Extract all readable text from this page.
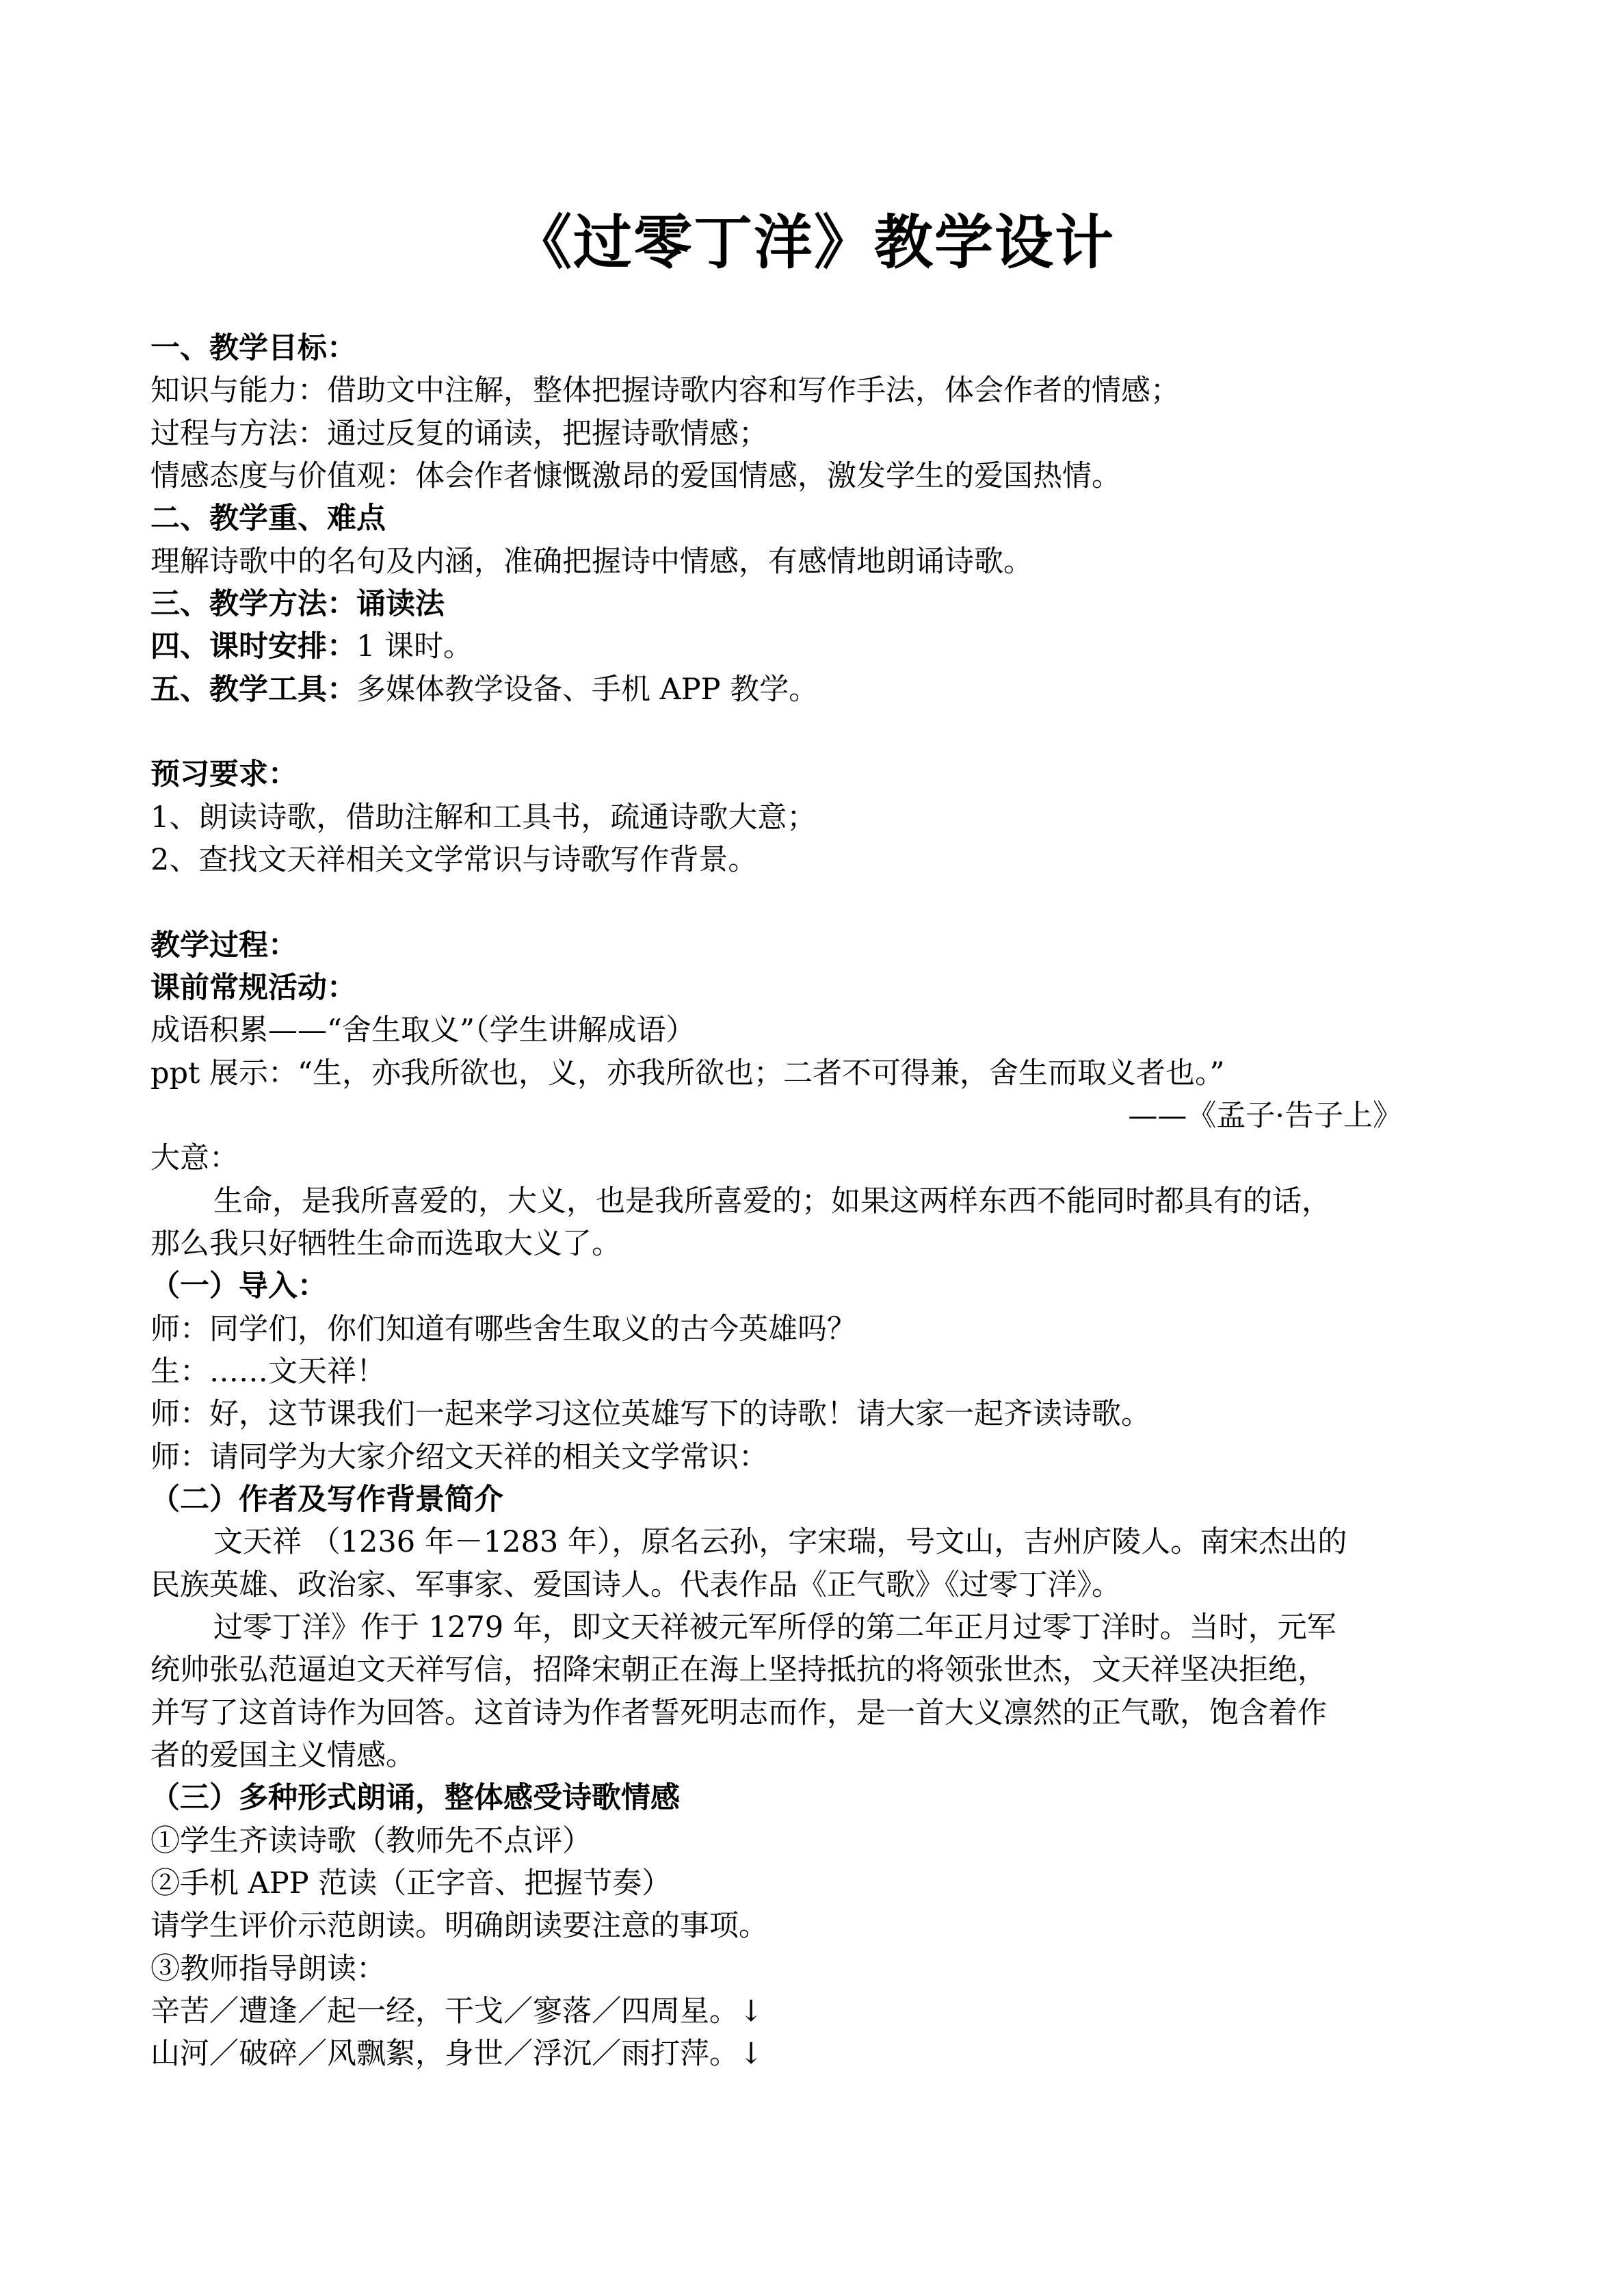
《过零丁洋》教学设计
一、教学目标：
知识与能力：借助文中注解，整体把握诗歌内容和写作手法，体会作者的情感；
过程与方法：通过反复的诵读，把握诗歌情感；
情感态度与价值观：体会作者慷慨激昂的爱国情感，激发学生的爱国热情。
二、教学重、难点
理解诗歌中的名句及内涵，准确把握诗中情感，有感情地朗诵诗歌。
三、教学方法：诵读法
四、课时安排：1 课时。
五、教学工具：多媒体教学设备、手机 APP 教学。
预习要求：
1、朗读诗歌，借助注解和工具书，疏通诗歌大意；
2、查找文天祥相关文学常识与诗歌写作背景。
教学过程：
课前常规活动：
成语积累——“舍生取义”（学生讲解成语）
ppt 展示：“生，亦我所欲也，义，亦我所欲也；二者不可得兼，舍生而取义者也。”
——《孟子·告子上》
大意：
生命，是我所喜爱的，大义，也是我所喜爱的；如果这两样东西不能同时都具有的话，
那么我只好牺牲生命而选取大义了。
（一）导入：
师：同学们，你们知道有哪些舍生取义的古今英雄吗？
生：……文天祥！
师：好，这节课我们一起来学习这位英雄写下的诗歌！请大家一起齐读诗歌。
师：请同学为大家介绍文天祥的相关文学常识：
（二）作者及写作背景简介
文天祥 （1236 年－1283 年），原名云孙，字宋瑞，号文山，吉州庐陵人。南宋杰出的
民族英雄、政治家、军事家、爱国诗人。代表作品《正气歌》《过零丁洋》。
过零丁洋》作于 1279 年，即文天祥被元军所俘的第二年正月过零丁洋时。当时，元军
统帅张弘范逼迫文天祥写信，招降宋朝正在海上坚持抵抗的将领张世杰，文天祥坚决拒绝，
并写了这首诗作为回答。这首诗为作者誓死明志而作，是一首大义凛然的正气歌，饱含着作
者的爱国主义情感。
（三）多种形式朗诵，整体感受诗歌情感
①学生齐读诗歌（教师先不点评）
②手机 APP 范读（正字音、把握节奏）
请学生评价示范朗读。明确朗读要注意的事项。
③教师指导朗读：
辛苦／遭逢／起一经，干戈／寥落／四周星。↓
山河／破碎／风飘絮，身世／浮沉／雨打萍。↓
